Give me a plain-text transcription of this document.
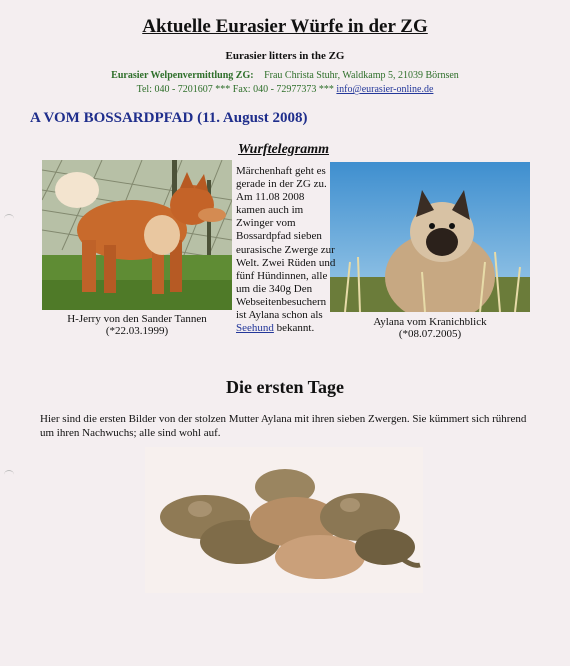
Aktuelle Eurasier Würfe in der ZG
Eurasier litters in the ZG
Eurasier Welpenvermittlung ZG: Frau Christa Stuhr, Waldkamp 5, 21039 Börnsen
Tel: 040 - 7201607 *** Fax: 040 - 72977373 *** info@eurasier-online.de
A VOM BOSSARDPFAD (11. August 2008)
H-Jerry von den Sander Tannen
(*22.03.1999)
Aylana vom Kranichblick
(*08.07.2005)
Wurftelegramm
Märchenhaft geht es gerade in der ZG zu. Am 11.08 2008 kamen auch im Zwinger vom Bossardpfad sieben eurasische Zwerge zur Welt. Zwei Rüden und fünf Hündinnen, alle um die 340g Den Webseitenbesuchern ist Aylana schon als Seehund bekannt.
Die ersten Tage
Hier sind die ersten Bilder von der stolzen Mutter Aylana mit ihren sieben Zwergen. Sie kümmert sich rührend um ihren Nachwuchs; alle sind wohl auf.
